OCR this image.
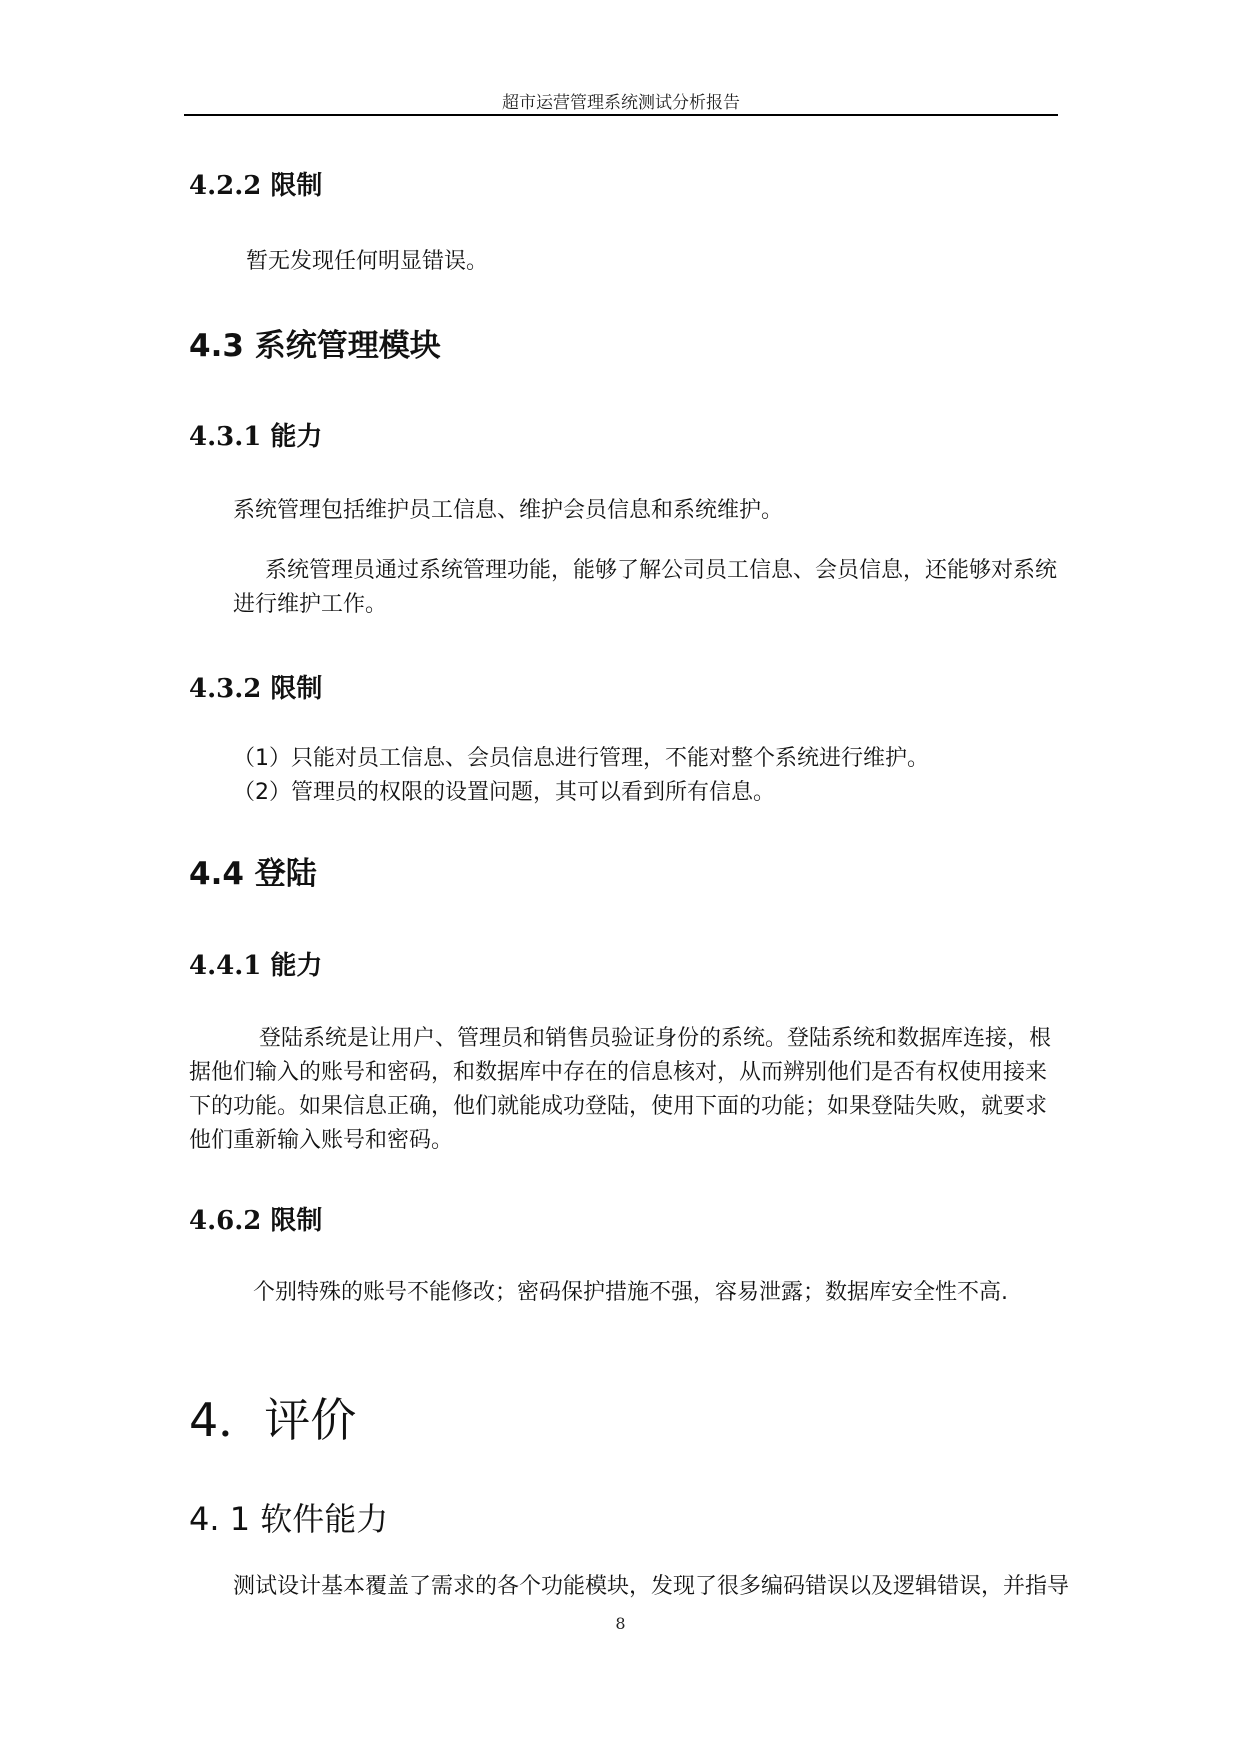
超市运营管理系统测试分析报告
4.2.2 限制

暂无发现任何明显错误。

4.3 系统管理模块
4.3.1 能力

系统管理包括维护员工信息、维护会员信息和系统维护。

系统管理员通过系统管理功能，能够了解公司员工信息、会员信息，还能够对系统进行维护工作。

4.3.2 限制

（1）只能对员工信息、会员信息进行管理，不能对整个系统进行维护。

（2）管理员的权限的设置问题，其可以看到所有信息。

4.4 登陆
4.4.1 能力

登陆系统是让用户、管理员和销售员验证身份的系统。登陆系统和数据库连接，根据他们输入的账号和密码，和数据库中存在的信息核对，从而辨别他们是否有权使用接来下的功能。如果信息正确，他们就能成功登陆，使用下面的功能；如果登陆失败，就要求他们重新输入账号和密码。

4.6.2 限制

个别特殊的账号不能修改；密码保护措施不强，容易泄露；数据库安全性不高.

4．评价
4. 1 软件能力

测试设计基本覆盖了需求的各个功能模块，发现了很多编码错误以及逻辑错误，并指导

8
